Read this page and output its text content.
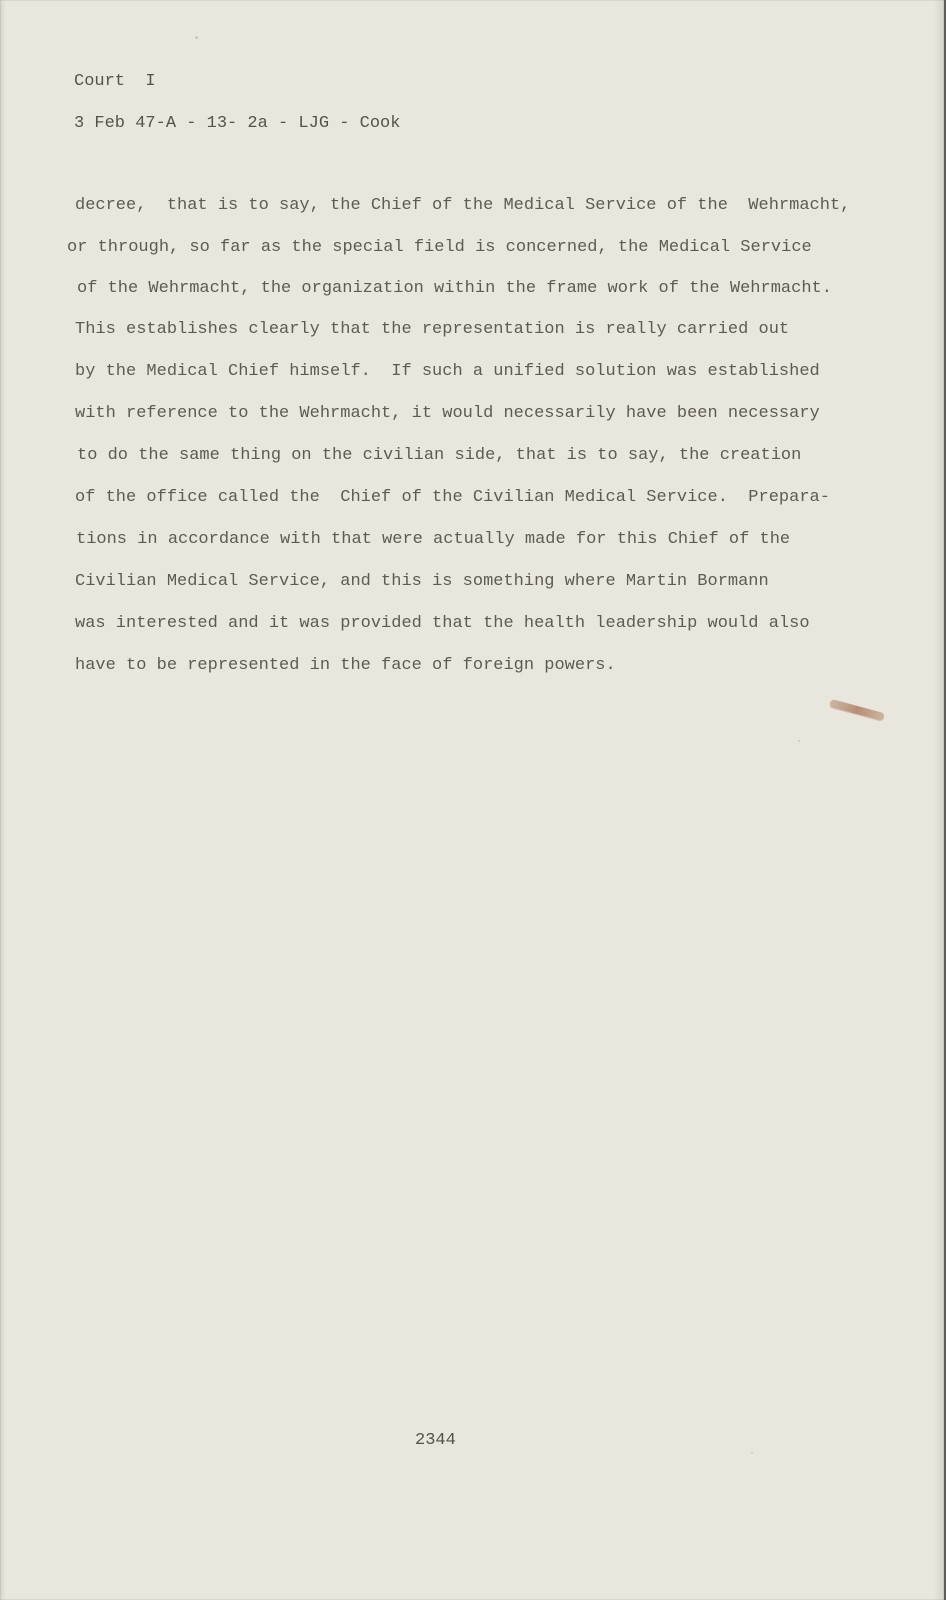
Court  I
3 Feb 47-A - 13- 2a - LJG - Cook
decree,  that is to say, the Chief of the Medical Service of the  Wehrmacht,
or through, so far as the special field is concerned, the Medical Service
of the Wehrmacht, the organization within the frame work of the Wehrmacht.
This establishes clearly that the representation is really carried out
by the Medical Chief himself.  If such a unified solution was established
with reference to the Wehrmacht, it would necessarily have been necessary
to do the same thing on the civilian side, that is to say, the creation
of the office called the  Chief of the Civilian Medical Service.  Prepara-
tions in accordance with that were actually made for this Chief of the
Civilian Medical Service, and this is something where Martin Bormann
was interested and it was provided that the health leadership would also
have to be represented in the face of foreign powers.
2344
